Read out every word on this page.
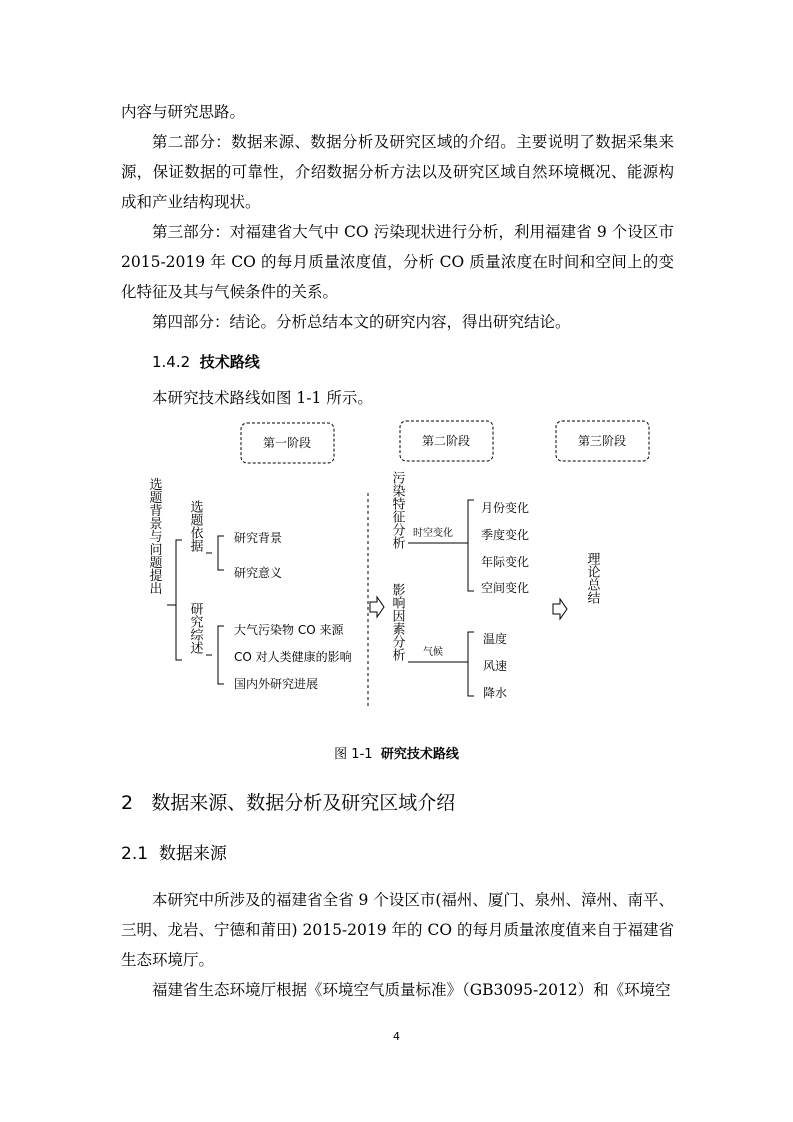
内容与研究思路。

第二部分：数据来源、数据分析及研究区域的介绍。主要说明了数据采集来源，保证数据的可靠性，介绍数据分析方法以及研究区域自然环境概况、能源构成和产业结构现状。

第三部分：对福建省大气中 CO 污染现状进行分析，利用福建省 9 个设区市 2015-2019 年 CO 的每月质量浓度值，分析 CO 质量浓度在时间和空间上的变化特征及其与气候条件的关系。

第四部分：结论。分析总结本文的研究内容，得出研究结论。

1.4.2 技术路线

本研究技术路线如图 1-1 所示。

第一阶段	第二阶段	第三阶段
选题背景与问题提出 选题依据	研究背景
研究意义
研究综述	大气污染物 CO 来源
CO 对人类健康的影响
国内外研究进展
污染特征分析 时空变化
月份变化
季度变化
年际变化
空间变化
影响因素分析 气候
温度
风速
降水
理论总结
图 1-1 研究技术路线
2 数据来源、数据分析及研究区域介绍
2.1 数据来源

本研究中所涉及的福建省全省 9 个设区市(福州、厦门、泉州、漳州、南平、三明、龙岩、宁德和莆田) 2015-2019 年的 CO 的每月质量浓度值来自于福建省生态环境厅。

福建省生态环境厅根据《环境空气质量标准》（GB3095-2012）和《环境空

4
